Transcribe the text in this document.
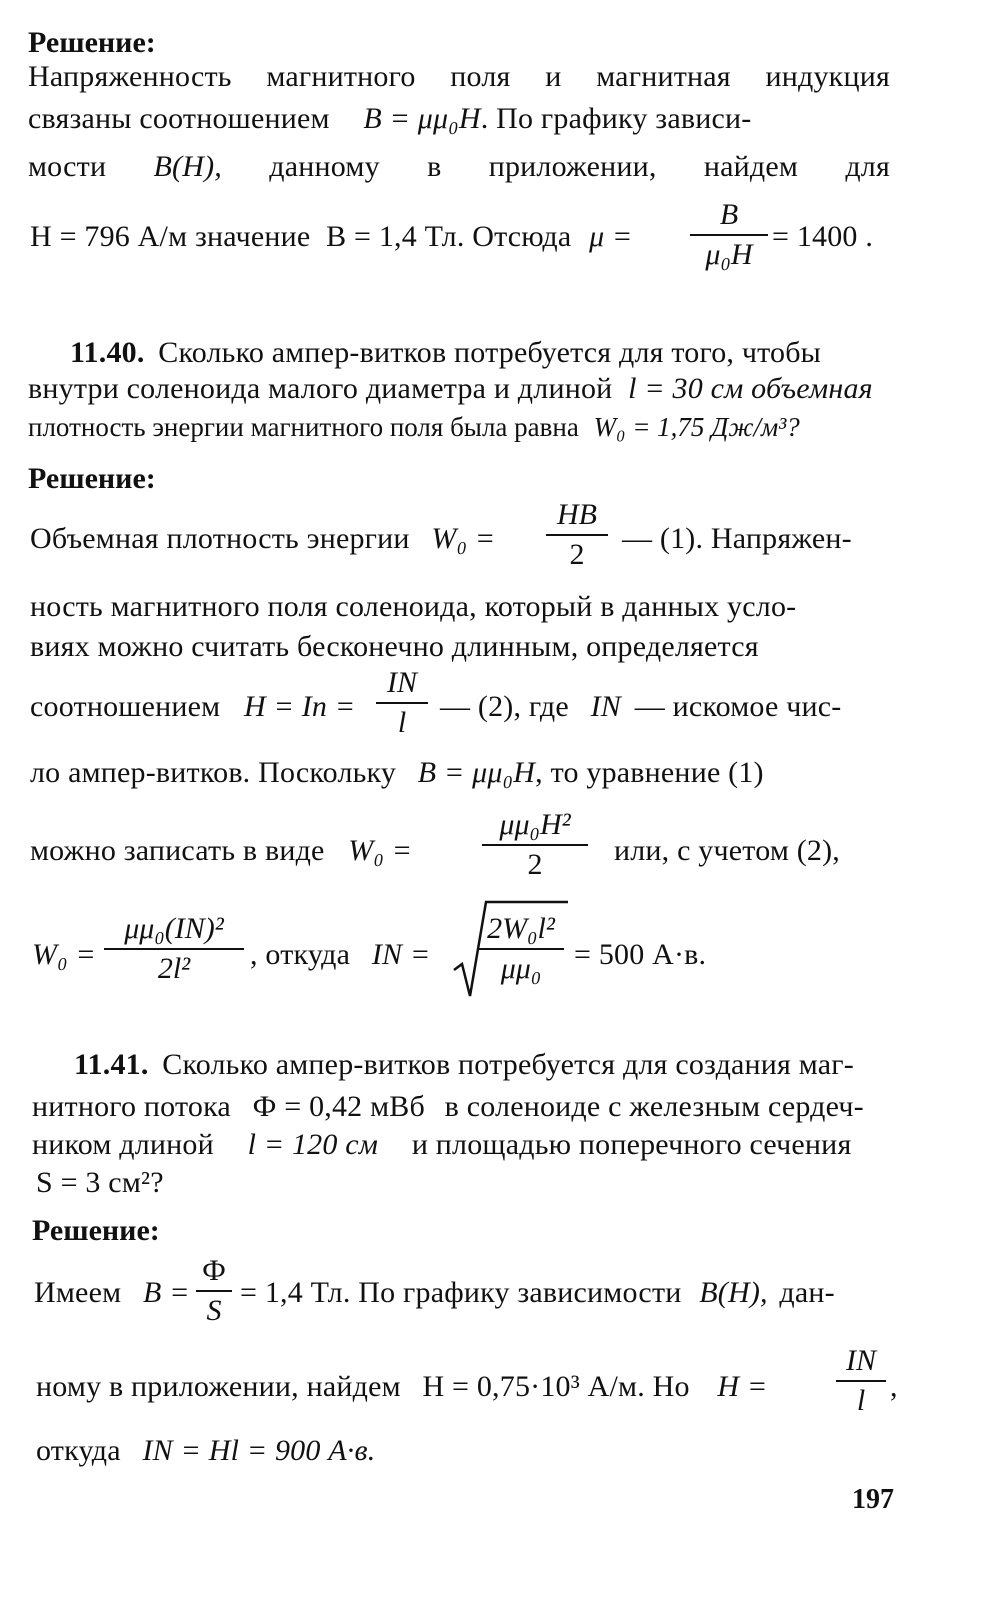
Решение:
Напряженность магнитного поля и магнитная индукция
связаны соотношением B = μμ₀H. По графику зависи-
мости B(H), данному в приложении, найдем для
H = 796 А/м значение B = 1,4 Тл. Отсюда μ =
B
μ₀H
= 1400 .
11.40. Сколько ампер-витков потребуется для того, чтобы
внутри соленоида малого диаметра и длиной l = 30 см объемная
плотность энергии магнитного поля была равна W₀ = 1,75 Дж/м³?
Решение:
Объемная плотность энергии W₀ =
HB
2	— (1). Напряжен-
ность магнитного поля соленоида, который в данных усло-
виях можно считать бесконечно длинным, определяется
соотношением H = In =
IN
l	— (2), где IN — искомое чис-
ло ампер-витков. Поскольку B = μμ₀H, то уравнение (1)
можно записать в виде W₀ =
μμ₀H²
2	или, с учетом (2),
W₀ =
μμ₀(IN)²
2l²	, откуда IN =
2W₀l²
μμ₀	= 500 А·в.
11.41. Сколько ампер-витков потребуется для создания маг-
нитного потока Ф = 0,42 мВб в соленоиде с железным сердеч-
ником длиной l = 120 см и площадью поперечного сечения
S = 3 см²?
Решение:
Имеем B =
Ф
S
= 1,4 Тл. По графику зависимости B(H), дан-
ному в приложении, найдем H = 0,75·10³ А/м. Но H =
IN
l ,
откуда IN = Hl = 900 А·в.
197
